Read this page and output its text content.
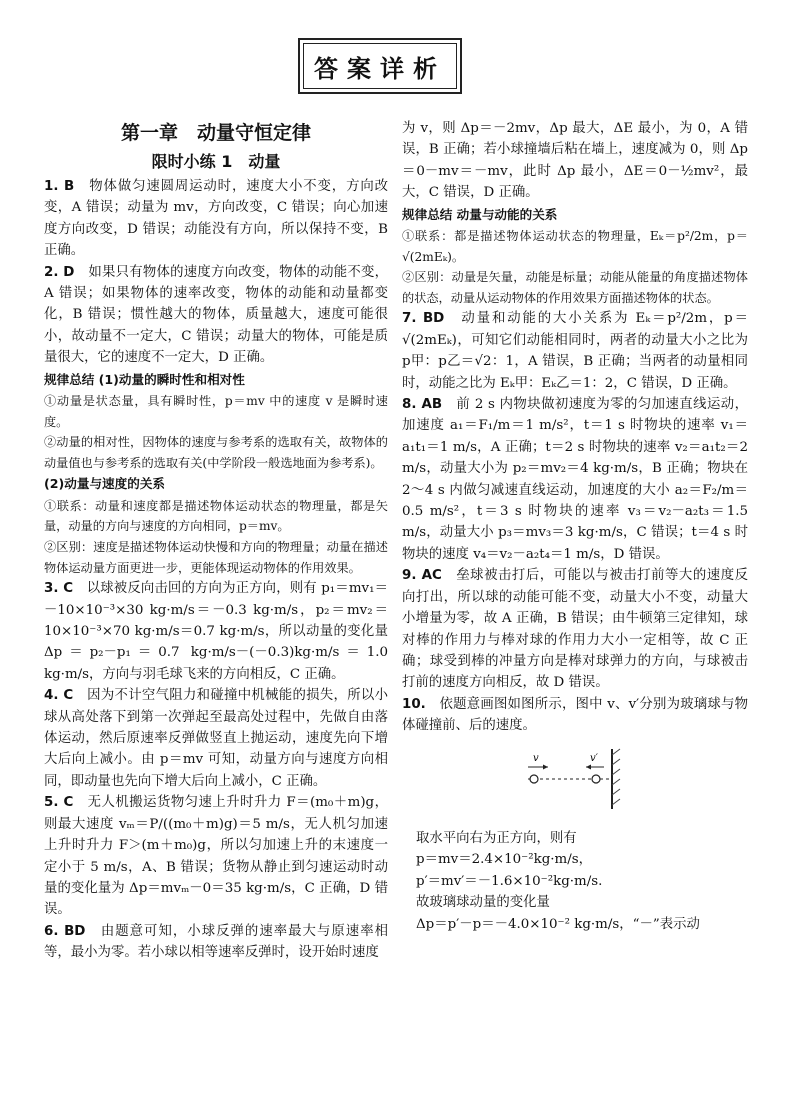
答案详析
第一章　动量守恒定律
限时小练 1　动量

1. B　物体做匀速圆周运动时，速度大小不变，方向改变，A 错误；动量为 mv，方向改变，C 错误；向心加速度方向改变，D 错误；动能没有方向，所以保持不变，B 正确。

2. D　如果只有物体的速度方向改变，物体的动能不变，A 错误；如果物体的速率改变，物体的动能和动量都变化，B 错误；惯性越大的物体，质量越大，速度可能很小，故动量不一定大，C 错误；动量大的物体，可能是质量很大，它的速度不一定大，D 正确。

规律总结 (1)动量的瞬时性和相对性

①动量是状态量，具有瞬时性，p＝mv 中的速度 v 是瞬时速度。

②动量的相对性，因物体的速度与参考系的选取有关，故物体的动量值也与参考系的选取有关(中学阶段一般选地面为参考系)。

(2)动量与速度的关系

①联系：动量和速度都是描述物体运动状态的物理量，都是矢量，动量的方向与速度的方向相同，p＝mv。

②区别：速度是描述物体运动快慢和方向的物理量；动量在描述物体运动量方面更进一步，更能体现运动物体的作用效果。

3. C　以球被反向击回的方向为正方向，则有 p₁＝mv₁＝－10×10⁻³×30 kg·m/s＝－0.3 kg·m/s，p₂＝mv₂＝10×10⁻³×70 kg·m/s＝0.7 kg·m/s，所以动量的变化量 Δp＝p₂－p₁＝0.7 kg·m/s－(－0.3)kg·m/s＝1.0 kg·m/s，方向与羽毛球飞来的方向相反，C 正确。

4. C　因为不计空气阻力和碰撞中机械能的损失，所以小球从高处落下到第一次弹起至最高处过程中，先做自由落体运动，然后原速率反弹做竖直上抛运动，速度先向下增大后向上减小。由 p＝mv 可知，动量方向与速度方向相同，即动量也先向下增大后向上减小，C 正确。

5. C　无人机搬运货物匀速上升时升力 F＝(m₀＋m)g，则最大速度 vₘ＝P/((m₀＋m)g)＝5 m/s，无人机匀加速上升时升力 F＞(m＋m₀)g，所以匀加速上升的末速度一定小于 5 m/s，A、B 错误；货物从静止到匀速运动时动量的变化量为 Δp＝mvₘ－0＝35 kg·m/s，C 正确，D 错误。

6. BD　由题意可知，小球反弹的速率最大与原速率相等，最小为零。若小球以相等速率反弹时，设开始时速度

为 v，则 Δp＝－2mv，Δp 最大，ΔE 最小，为 0，A 错误，B 正确；若小球撞墙后粘在墙上，速度减为 0，则 Δp＝0－mv＝－mv，此时 Δp 最小，ΔE＝0－½mv²，最大，C 错误，D 正确。

规律总结 动量与动能的关系

①联系：都是描述物体运动状态的物理量，Eₖ＝p²/2m，p＝√(2mEₖ)。

②区别：动量是矢量，动能是标量；动能从能量的角度描述物体的状态，动量从运动物体的作用效果方面描述物体的状态。

7. BD　动量和动能的大小关系为 Eₖ＝p²/2m，p＝√(2mEₖ)，可知它们动能相同时，两者的动量大小之比为 p甲：p乙＝√2：1，A 错误，B 正确；当两者的动量相同时，动能之比为 Eₖ甲：Eₖ乙＝1：2，C 错误，D 正确。

8. AB　前 2 s 内物块做初速度为零的匀加速直线运动，加速度 a₁＝F₁/m＝1 m/s²，t＝1 s 时物块的速率 v₁＝a₁t₁＝1 m/s，A 正确；t＝2 s 时物块的速率 v₂＝a₁t₂＝2 m/s，动量大小为 p₂＝mv₂＝4 kg·m/s，B 正确；物块在 2～4 s 内做匀减速直线运动，加速度的大小 a₂＝F₂/m＝0.5 m/s²，t＝3 s 时物块的速率 v₃＝v₂－a₂t₃＝1.5 m/s，动量大小 p₃＝mv₃＝3 kg·m/s，C 错误；t＝4 s 时物块的速度 v₄＝v₂－a₂t₄＝1 m/s，D 错误。

9. AC　垒球被击打后，可能以与被击打前等大的速度反向打出，所以球的动能可能不变，动量大小不变，动量大小增量为零，故 A 正确，B 错误；由牛顿第三定律知，球对棒的作用力与棒对球的作用力大小一定相等，故 C 正确；球受到棒的冲量方向是棒对球弹力的方向，与球被击打前的速度方向相反，故 D 错误。

10.　依题意画图如图所示，图中 v、v′分别为玻璃球与物体碰撞前、后的速度。

v	v′

取水平向右为正方向，则有

p＝mv＝2.4×10⁻²kg·m/s，

p′＝mv′＝－1.6×10⁻²kg·m/s.

故玻璃球动量的变化量

Δp＝p′－p＝－4.0×10⁻² kg·m/s，“－”表示动
